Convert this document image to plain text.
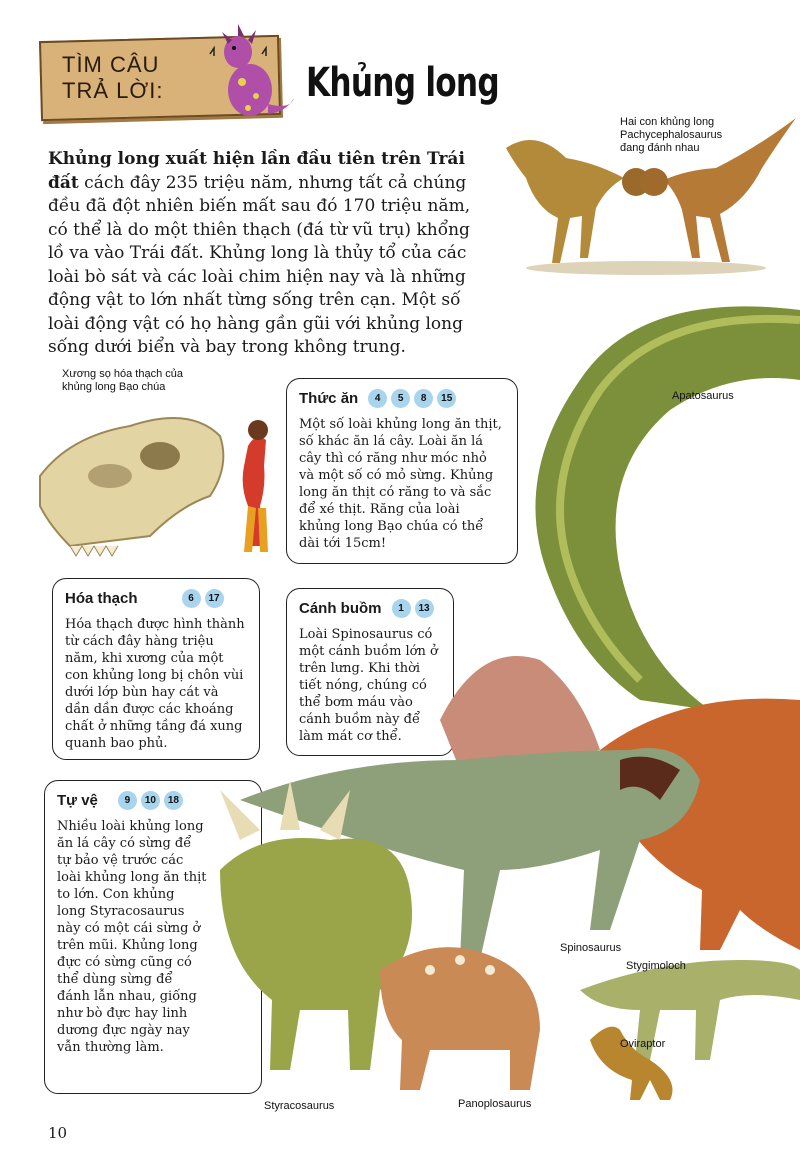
TÌM CÂU
TRẢ LỜI:	Khủng long

Khủng long xuất hiện lần đầu tiên trên Trái đất cách đây 235 triệu năm, nhưng tất cả chúng đều đã đột nhiên biến mất sau đó 170 triệu năm, có thể là do một thiên thạch (đá từ vũ trụ) khổng lồ va vào Trái đất. Khủng long là thủy tổ của các loài bò sát và các loài chim hiện nay và là những động vật to lớn nhất từng sống trên cạn. Một số loài động vật có họ hàng gần gũi với khủng long sống dưới biển và bay trong không trung.

Hai con khủng long
Pachycephalosaurus
đang đánh nhau
Xương sọ hóa thạch của
khủng long Bạo chúa
Apatosaurus
Thức ăn	4	5	8	15
Một số loài khủng long ăn thịt, số khác ăn lá cây. Loài ăn lá cây thì có răng như móc nhỏ và một số có mỏ sừng. Khủng long ăn thịt có răng to và sắc để xé thịt. Răng của loài khủng long Bạo chúa có thể dài tới 15cm!
Hóa thạch	6	17
Hóa thạch được hình thành từ cách đây hàng triệu năm, khi xương của một con khủng long bị chôn vùi dưới lớp bùn hay cát và dần dần được các khoáng chất ở những tầng đá xung quanh bao phủ.
Cánh buồm	1	13
Loài Spinosaurus có một cánh buồm lớn ở trên lưng. Khi thời tiết nóng, chúng có thể bơm máu vào cánh buồm này để làm mát cơ thể.
Tự vệ	9	10	18
Nhiều loài khủng long ăn lá cây có sừng để tự bảo vệ trước các loài khủng long ăn thịt to lớn. Con khủng long Styracosaurus này có một cái sừng ở trên mũi. Khủng long đực có sừng cũng có thể dùng sừng để đánh lẫn nhau, giống như bò đực hay linh dương đực ngày nay vẫn thường làm.
Spinosaurus
Stygimoloch
Oviraptor
Styracosaurus	Panoplosaurus
10
